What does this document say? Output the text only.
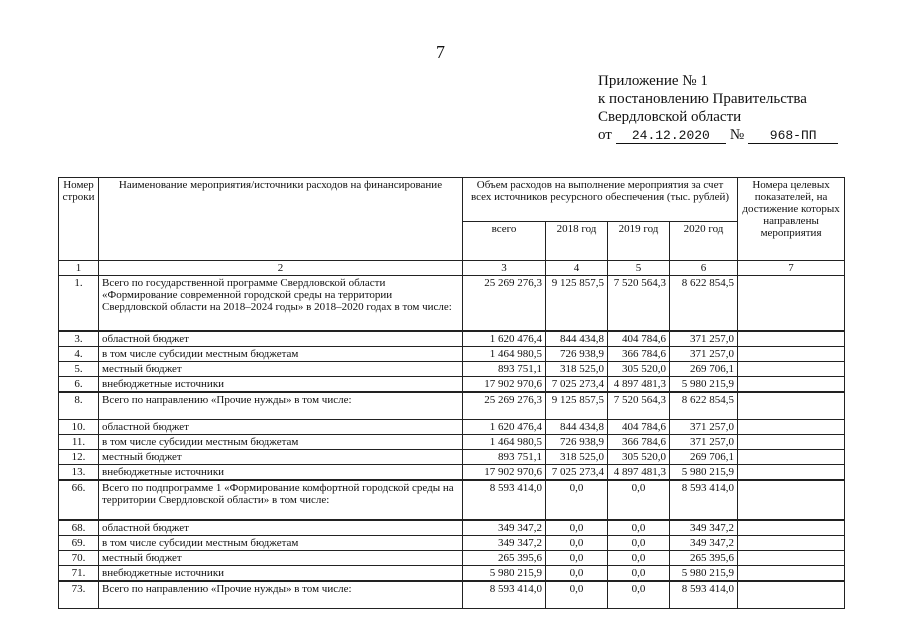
7
Приложение № 1
к постановлению Правительства
Свердловской области
от	24.12.2020	№	968-ПП
Номер строки	Наименование мероприятия/источники расходов на финансирование	Объем расходов на выполнение мероприятия за счет всех источников ресурсного обеспечения (тыс. рублей)				Номера целевых показателей, на достижение которых направлены мероприятия
		всего	2018 год	2019 год	2020 год	
1	2	3	4	5	6	7
1.	Всего по государственной программе Свердловской области «Формирование современной городской среды на территории Свердловской области на 2018–2024 годы» в 2018–2020 годах в том числе:	25 269 276,3	9 125 857,5	7 520 564,3	8 622 854,5	
3.	областной бюджет	1 620 476,4	844 434,8	404 784,6	371 257,0	
4.	в том числе субсидии местным бюджетам	1 464 980,5	726 938,9	366 784,6	371 257,0	
5.	местный бюджет	893 751,1	318 525,0	305 520,0	269 706,1	
6.	внебюджетные источники	17 902 970,6	7 025 273,4	4 897 481,3	5 980 215,9	
8.	Всего по направлению «Прочие нужды» в том числе:	25 269 276,3	9 125 857,5	7 520 564,3	8 622 854,5	
10.	областной бюджет	1 620 476,4	844 434,8	404 784,6	371 257,0	
11.	в том числе субсидии местным бюджетам	1 464 980,5	726 938,9	366 784,6	371 257,0	
12.	местный бюджет	893 751,1	318 525,0	305 520,0	269 706,1	
13.	внебюджетные источники	17 902 970,6	7 025 273,4	4 897 481,3	5 980 215,9	
66.	Всего по подпрограмме 1 «Формирование комфортной городской среды на территории Свердловской области» в том числе:	8 593 414,0	0,0	0,0	8 593 414,0	
68.	областной бюджет	349 347,2	0,0	0,0	349 347,2	
69.	в том числе субсидии местным бюджетам	349 347,2	0,0	0,0	349 347,2	
70.	местный бюджет	265 395,6	0,0	0,0	265 395,6	
71.	внебюджетные источники	5 980 215,9	0,0	0,0	5 980 215,9	
73.	Всего по направлению «Прочие нужды» в том числе:	8 593 414,0	0,0	0,0	8 593 414,0	
